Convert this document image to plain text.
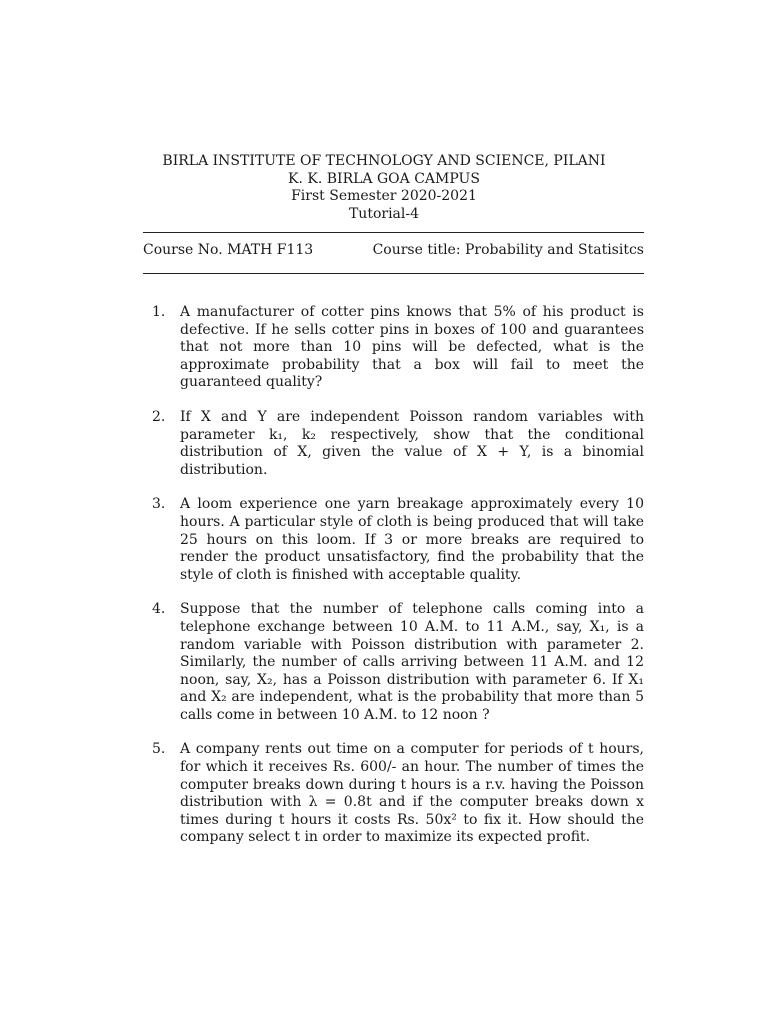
BIRLA INSTITUTE OF TECHNOLOGY AND SCIENCE, PILANI
K. K. BIRLA GOA CAMPUS
First Semester 2020-2021
Tutorial-4
Course No. MATH F113	Course title: Probability and Statisitcs
1.	A manufacturer of cotter pins knows that 5% of his product is defective. If he sells cotter pins in boxes of 100 and guarantees that not more than 10 pins will be defected, what is the approximate probability that a box will fail to meet the guaranteed quality?
2.	If X and Y are independent Poisson random variables with parameter k₁, k₂ respectively, show that the conditional distribution of X, given the value of X + Y, is a binomial distribution.
3.	A loom experience one yarn breakage approximately every 10 hours. A particular style of cloth is being produced that will take 25 hours on this loom. If 3 or more breaks are required to render the product unsatisfactory, find the probability that the style of cloth is finished with acceptable quality.
4.	Suppose that the number of telephone calls coming into a telephone exchange between 10 A.M. to 11 A.M., say, X₁, is a random variable with Poisson distribution with parameter 2. Similarly, the number of calls arriving between 11 A.M. and 12 noon, say, X₂, has a Poisson distribution with parameter 6. If X₁ and X₂ are independent, what is the probability that more than 5 calls come in between 10 A.M. to 12 noon ?
5.	A company rents out time on a computer for periods of t hours, for which it receives Rs. 600/- an hour. The number of times the computer breaks down during t hours is a r.v. having the Poisson distribution with λ = 0.8t and if the computer breaks down x times during t hours it costs Rs. 50x² to fix it. How should the company select t in order to maximize its expected profit.
